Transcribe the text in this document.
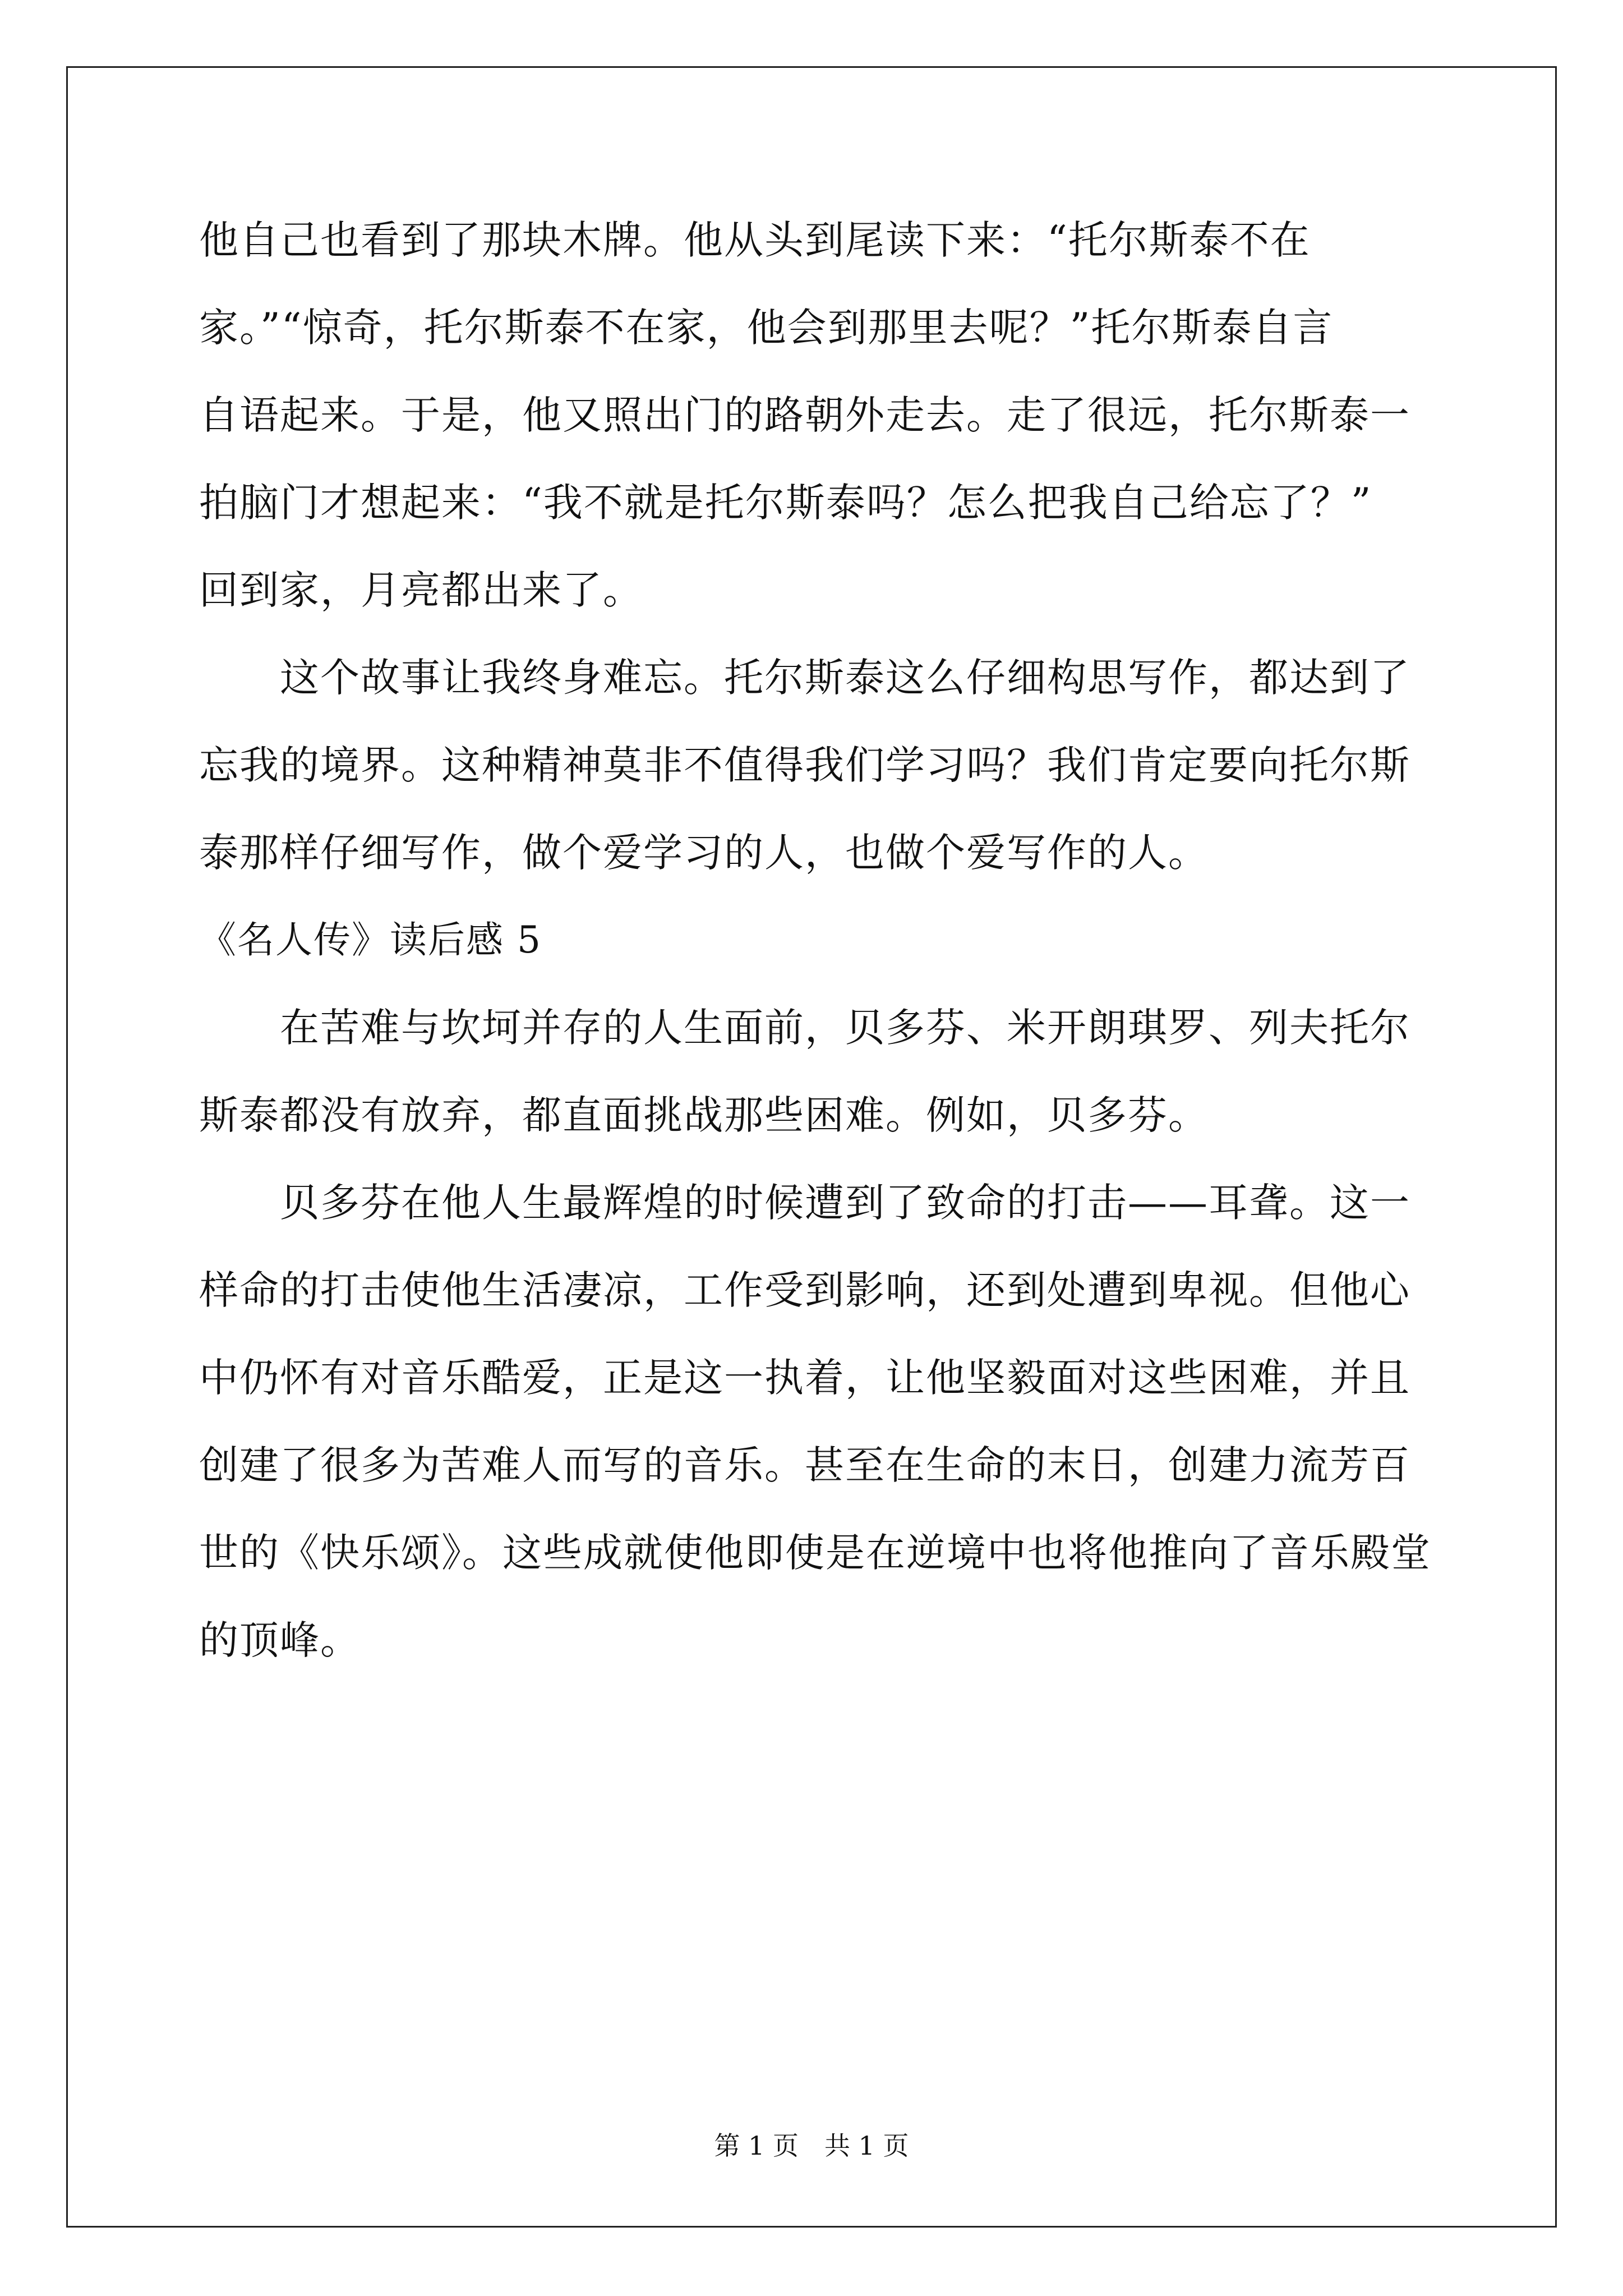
他自己也看到了那块木牌。他从头到尾读下来：“托尔斯泰不在
家。”“惊奇，托尔斯泰不在家，他会到那里去呢？”托尔斯泰自言
自语起来。于是，他又照出门的路朝外走去。走了很远，托尔斯泰一
拍脑门才想起来：“我不就是托尔斯泰吗？怎么把我自己给忘了？”
回到家，月亮都出来了。
　　这个故事让我终身难忘。托尔斯泰这么仔细构思写作，都达到了
忘我的境界。这种精神莫非不值得我们学习吗？我们肯定要向托尔斯
泰那样仔细写作，做个爱学习的人，也做个爱写作的人。
《名人传》读后感 5
　　在苦难与坎坷并存的人生面前，贝多芬、米开朗琪罗、列夫托尔
斯泰都没有放弃，都直面挑战那些困难。例如，贝多芬。
　　贝多芬在他人生最辉煌的时候遭到了致命的打击——耳聋。这一
样命的打击使他生活凄凉，工作受到影响，还到处遭到卑视。但他心
中仍怀有对音乐酷爱，正是这一执着，让他坚毅面对这些困难，并且
创建了很多为苦难人而写的音乐。甚至在生命的末日，创建力流芳百
世的《快乐颂》。这些成就使他即使是在逆境中也将他推向了音乐殿堂
的顶峰。
第 1 页　共 1 页
